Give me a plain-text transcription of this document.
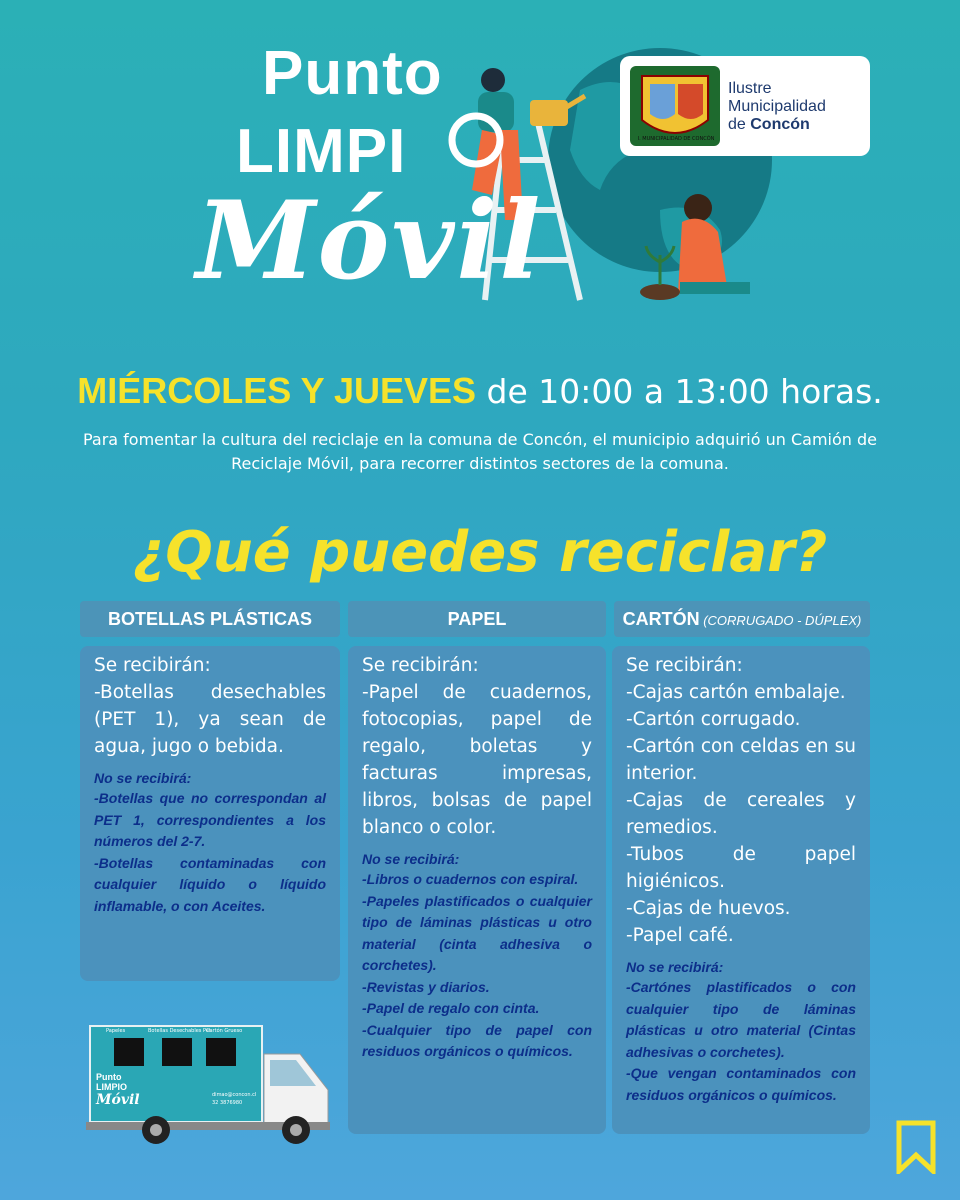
Punto
LIMPI
Móvil
I. MUNICIPALIDAD DE CONCÓN
Ilustre
Municipalidad
de Concón
MIÉRCOLES Y JUEVES de 10:00 a 13:00 horas.
Para fomentar la cultura del reciclaje en la comuna de Concón, el municipio adquirió un Camión de Reciclaje Móvil, para recorrer distintos sectores de la comuna.
¿Qué puedes reciclar?
BOTELLAS PLÁSTICAS
Se recibirán:
-Botellas desechables (PET 1), ya sean de agua, jugo o bebida.
No se recibirá:
-Botellas que no correspondan al PET 1, correspondientes a los números del 2-7.
-Botellas contaminadas con cualquier líquido o líquido inflamable, o con Aceites.
PAPEL
Se recibirán:
-Papel de cuadernos, fotocopias, papel de regalo, boletas y facturas impresas, libros, bolsas de papel blanco o color.
No se recibirá:
-Libros o cuadernos con espiral.
-Papeles plastificados o cualquier tipo de láminas plásticas u otro material (cinta adhesiva o corchetes).
-Revistas y diarios.
-Papel de regalo con cinta.
-Cualquier tipo de papel con residuos orgánicos o químicos.
CARTÓN (CORRUGADO - DÚPLEX)
Se recibirán:
-Cajas cartón embalaje.
-Cartón corrugado.
-Cartón con celdas en su interior.
-Cajas de cereales y remedios.
-Tubos de papel higiénicos.
-Cajas de huevos.
-Papel café.
No se recibirá:
-Cartónes plastificados o con cualquier tipo de láminas plásticas u otro material (Cintas adhesivas o corchetes).
-Que vengan contaminados con residuos orgánicos o químicos.
Papeles	Botellas Desechables Pet
Cartón Grueso
Punto
LIMPIO
Móvil	dimao@concon.cl
32 3876980
